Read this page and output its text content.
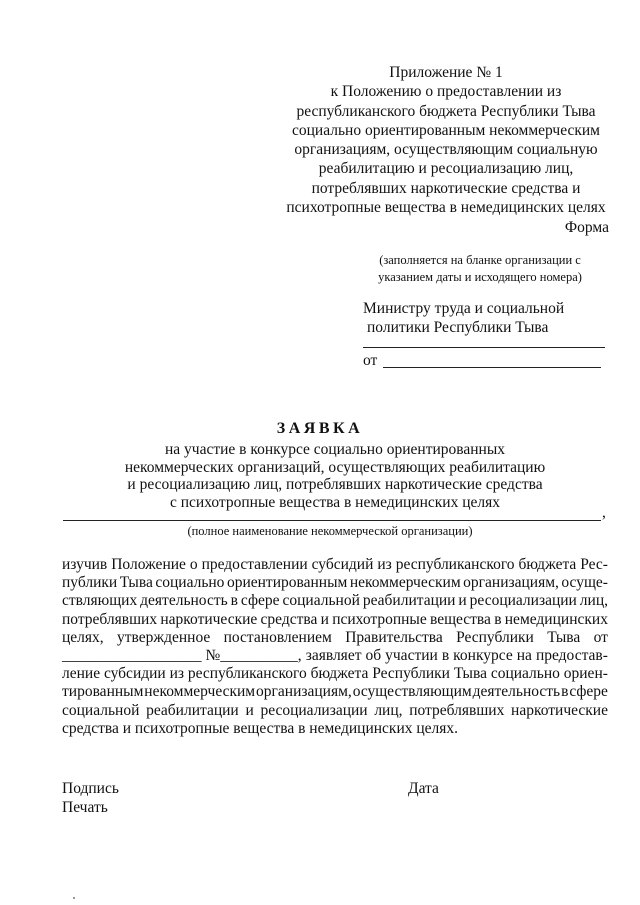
Приложение № 1
к Положению о предоставлении из
республиканского бюджета Республики Тыва
социально ориентированным некоммерческим
организациям, осуществляющим социальную
реабилитацию и ресоциализацию лиц,
потреблявших наркотические средства и
психотропные вещества в немедицинских целях
Форма
(заполняется на бланке организации с
указанием даты и исходящего номера)
Министру труда и социальной
политики Республики Тыва
от
ЗАЯВКА
на участие в конкурсе социально ориентированных
некоммерческих организаций, осуществляющих реабилитацию
и ресоциализацию лиц, потреблявших наркотические средства
с психотропные вещества в немедицинских целях
,
(полное наименование некоммерческой организации)
изучив Положение о предоставлении субсидий из республиканского бюджета Рес-
публики Тыва социально ориентированным некоммерческим организациям, осуще-
ствляющих деятельность в сфере социальной реабилитации и ресоциализации лиц,
потреблявших наркотические средства и психотропные вещества в немедицинских
целях, утвержденное постановлением Правительства Республики Тыва от
__________________ №__________, заявляет об участии в конкурсе на предостав-
ление субсидии из республиканского бюджета Республики Тыва социально ориен-
тированным некоммерческим организациям, осуществляющим деятельность в сфере
социальной реабилитации и ресоциализации лиц, потреблявших наркотические
средства и психотропные вещества в немедицинских целях.
Подпись
Печать
Дата
